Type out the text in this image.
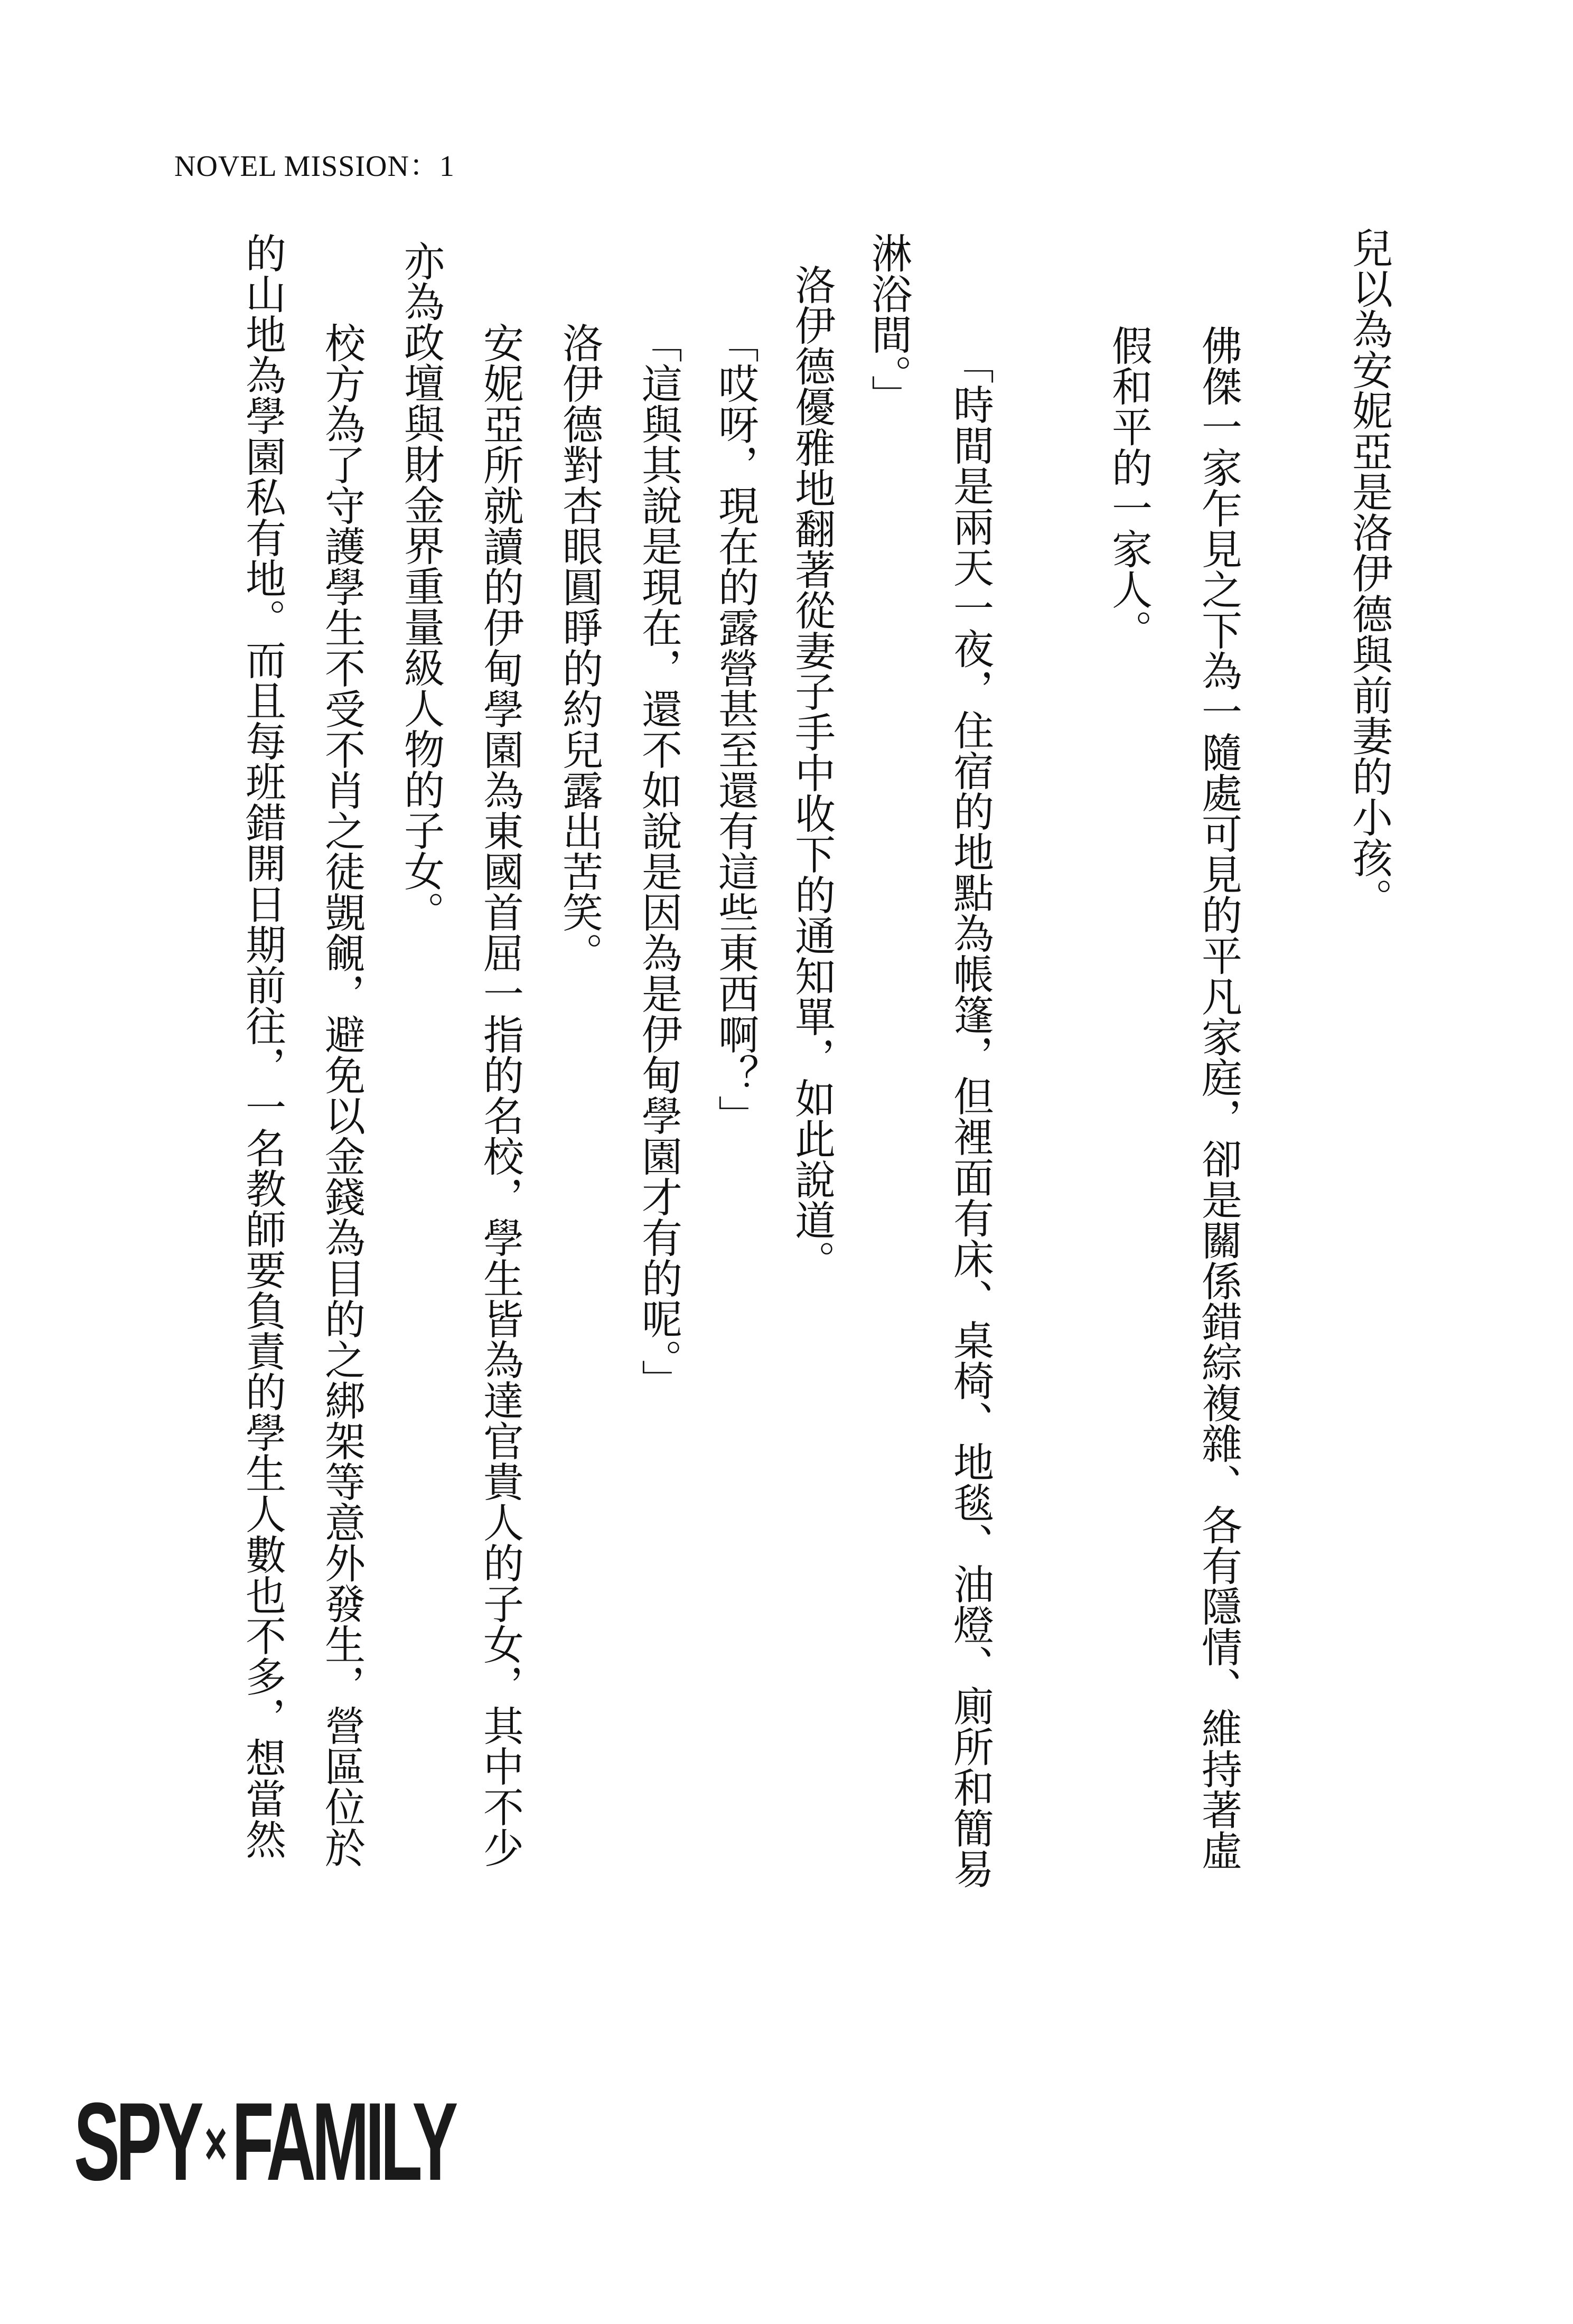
NOVEL MISSION：1
兒以為安妮亞是洛伊德與前妻的小孩。
佛傑一家乍見之下為一隨處可見的平凡家庭，卻是關係錯綜複雜、各有隱情、維持著虛
假和平的一家人。
「時間是兩天一夜，住宿的地點為帳篷，但裡面有床、桌椅、地毯、油燈、廁所和簡易
淋浴間。」
洛伊德優雅地翻著從妻子手中收下的通知單，如此說道。
「哎呀，現在的露營甚至還有這些東西啊？」
「這與其說是現在，還不如說是因為是伊甸學園才有的呢。」
洛伊德對杏眼圓睜的約兒露出苦笑。
安妮亞所就讀的伊甸學園為東國首屈一指的名校，學生皆為達官貴人的子女，其中不少
亦為政壇與財金界重量級人物的子女。
校方為了守護學生不受不肖之徒覬覦，避免以金錢為目的之綁架等意外發生，營區位於
的山地為學園私有地。而且每班錯開日期前往，一名教師要負責的學生人數也不多，想當然
SPY×FAMILY
